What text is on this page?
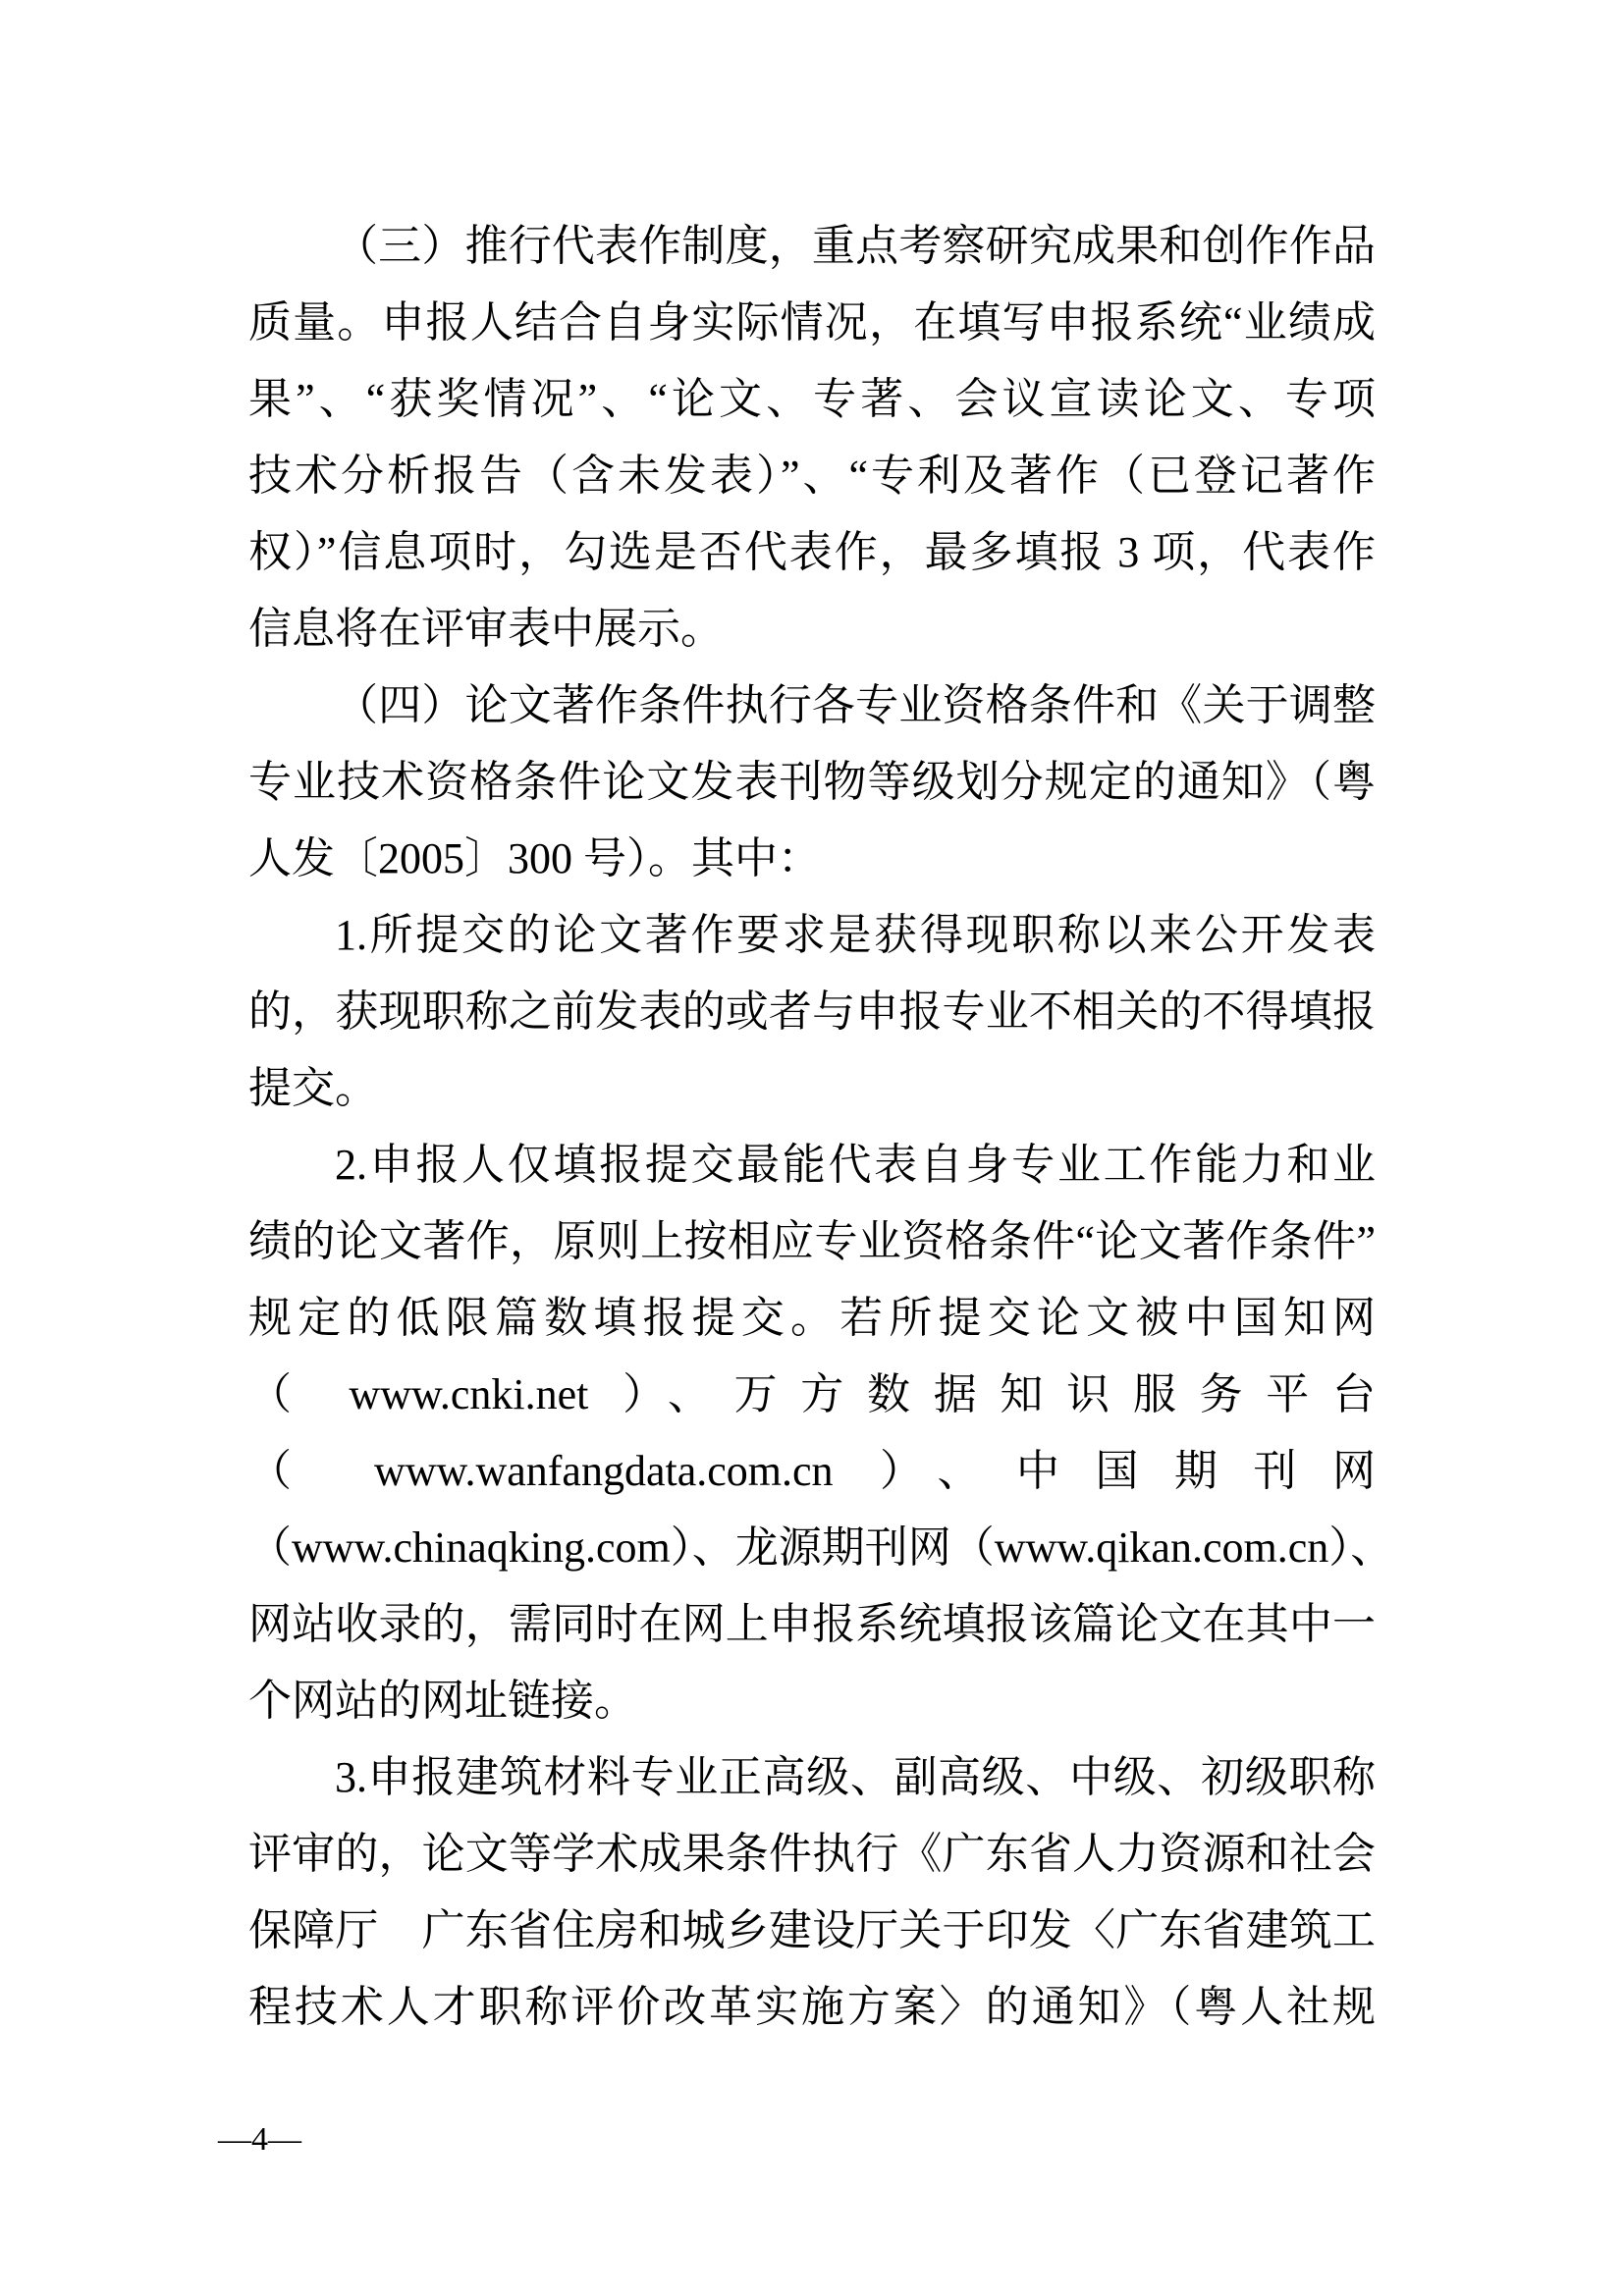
（三）推行代表作制度，重点考察研究成果和创作作品
质量。申报人结合自身实际情况，在填写申报系统“业绩成
果”、“获奖情况”、“论文、专著、会议宣读论文、专项
技术分析报告（含未发表）”、“专利及著作（已登记著作
权）”信息项时，勾选是否代表作，最多填报 3 项，代表作
信息将在评审表中展示。

（四）论文著作条件执行各专业资格条件和《关于调整
专业技术资格条件论文发表刊物等级划分规定的通知》（粤
人发〔2005〕300 号）。其中：

1.所提交的论文著作要求是获得现职称以来公开发表
的，获现职称之前发表的或者与申报专业不相关的不得填报
提交。

2.申报人仅填报提交最能代表自身专业工作能力和业
绩的论文著作，原则上按相应专业资格条件“论文著作条件”
规定的低限篇数填报提交。若所提交论文被中国知网
（ www.cnki.net ）、万方数据知识服务平台
（ www.wanfangdata.com.cn ）、中国期刊网
（www.chinaqking.com）、龙源期刊网（www.qikan.com.cn）、
网站收录的，需同时在网上申报系统填报该篇论文在其中一
个网站的网址链接。

3.申报建筑材料专业正高级、副高级、中级、初级职称
评审的，论文等学术成果条件执行《广东省人力资源和社会
保障厅　广东省住房和城乡建设厅关于印发〈广东省建筑工
程技术人才职称评价改革实施方案〉的通知》（粤人社规

—4—
